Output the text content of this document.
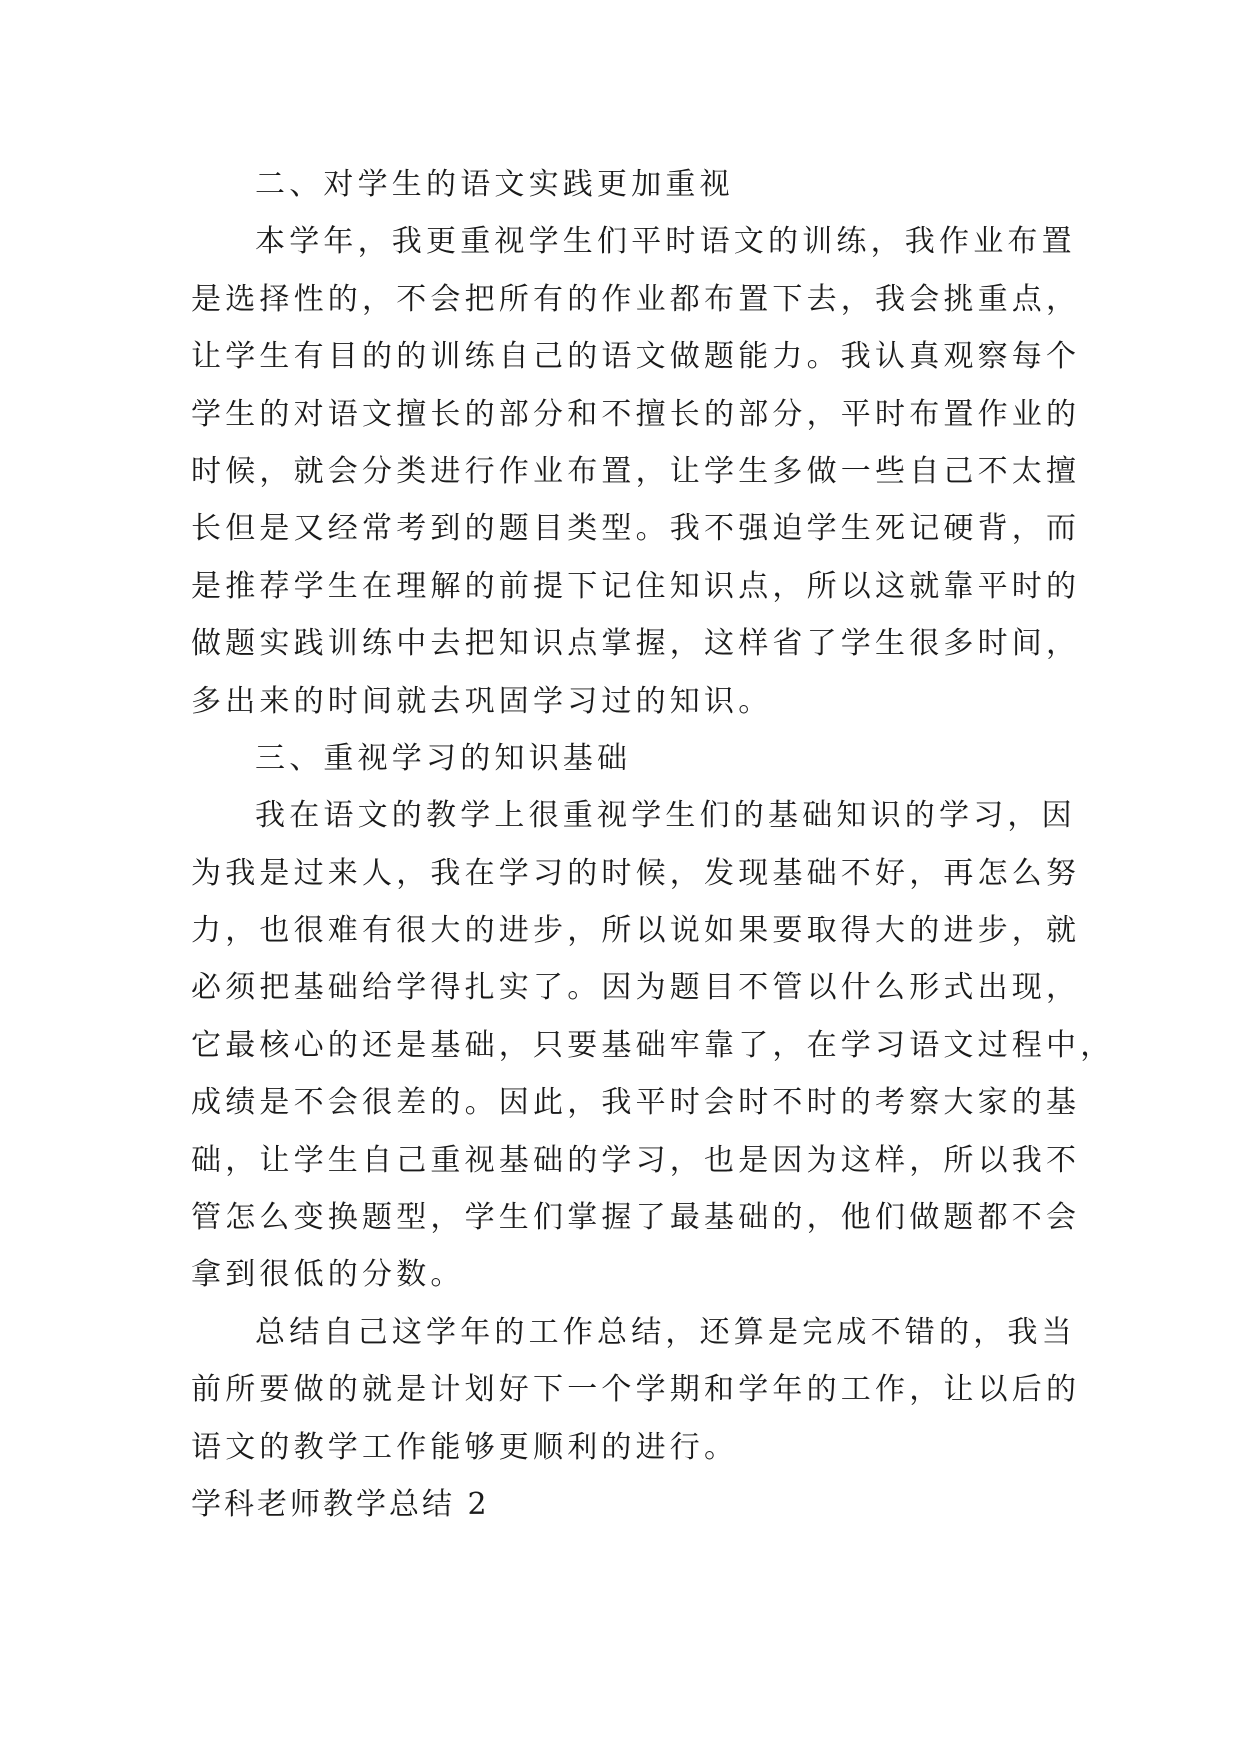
二、对学生的语文实践更加重视
本学年，我更重视学生们平时语文的训练，我作业布置
是选择性的，不会把所有的作业都布置下去，我会挑重点，
让学生有目的的训练自己的语文做题能力。我认真观察每个
学生的对语文擅长的部分和不擅长的部分，平时布置作业的
时候，就会分类进行作业布置，让学生多做一些自己不太擅
长但是又经常考到的题目类型。我不强迫学生死记硬背，而
是推荐学生在理解的前提下记住知识点，所以这就靠平时的
做题实践训练中去把知识点掌握，这样省了学生很多时间，
多出来的时间就去巩固学习过的知识。
三、重视学习的知识基础
我在语文的教学上很重视学生们的基础知识的学习，因
为我是过来人，我在学习的时候，发现基础不好，再怎么努
力，也很难有很大的进步，所以说如果要取得大的进步，就
必须把基础给学得扎实了。因为题目不管以什么形式出现，
它最核心的还是基础，只要基础牢靠了，在学习语文过程中，
成绩是不会很差的。因此，我平时会时不时的考察大家的基
础，让学生自己重视基础的学习，也是因为这样，所以我不
管怎么变换题型，学生们掌握了最基础的，他们做题都不会
拿到很低的分数。
总结自己这学年的工作总结，还算是完成不错的，我当
前所要做的就是计划好下一个学期和学年的工作，让以后的
语文的教学工作能够更顺利的进行。
学科老师教学总结 2
